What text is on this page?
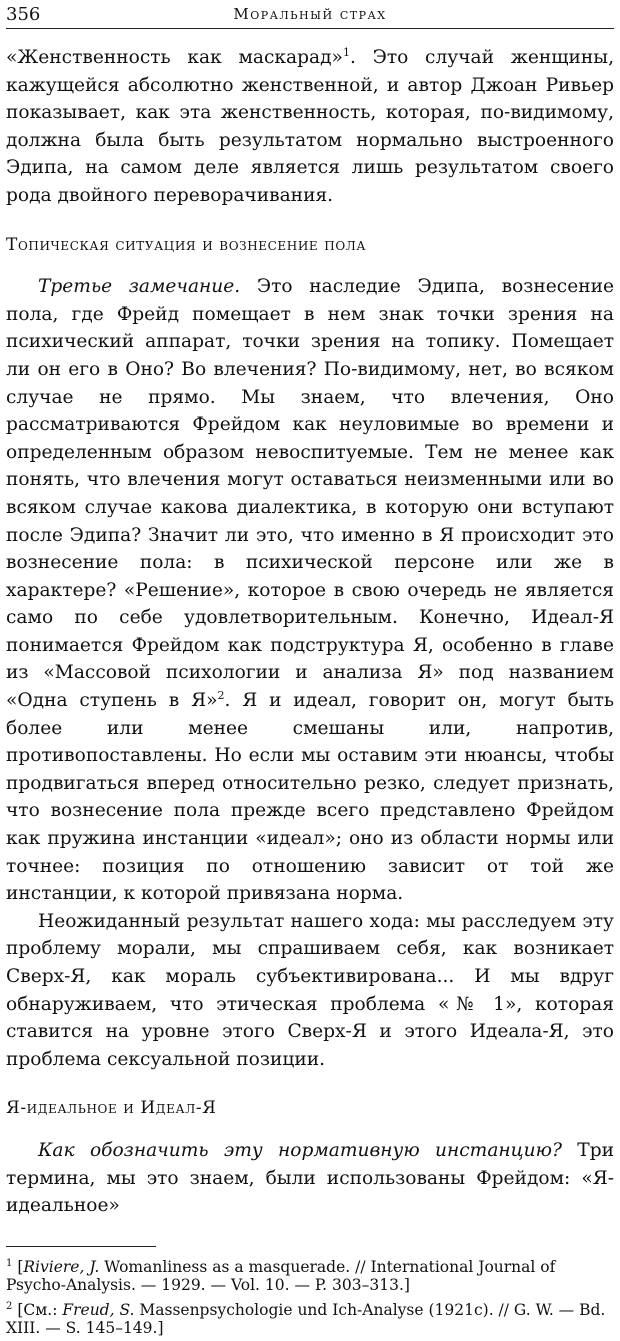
356	Моральный страх

«Женственность как маскарад»$^1$. Это случай женщины, кажущейся абсолютно женственной, и автор Джоан Ривьер показывает, как эта женственность, которая, по-видимому, должна была быть результатом нормально выстроенного Эдипа, на самом деле является лишь результатом своего рода двойного переворачивания.

Топическая ситуация и вознесение пола

Третье замечание. Это наследие Эдипа, вознесение пола, где Фрейд помещает в нем знак точки зрения на психический аппарат, точки зрения на топику. Помещает ли он его в Оно? Во влечения? По-видимому, нет, во всяком случае не прямо. Мы знаем, что влечения, Оно рассматриваются Фрейдом как неуловимые во времени и определенным образом невоспитуемые. Тем не менее как понять, что влечения могут оставаться неизменными или во всяком случае какова диалектика, в которую они вступают после Эдипа? Значит ли это, что именно в Я происходит это вознесение пола: в психической персоне или же в характере? «Решение», которое в свою очередь не является само по себе удовлетворительным. Конечно, Идеал-Я понимается Фрейдом как подструктура Я, особенно в главе из «Массовой психологии и анализа Я» под названием «Одна ступень в Я»$^2$. Я и идеал, говорит он, могут быть более или менее смешаны или, напротив, противопоставлены. Но если мы оставим эти нюансы, чтобы продвигаться вперед относительно резко, следует признать, что вознесение пола прежде всего представлено Фрейдом как пружина инстанции «идеал»; оно из области нормы или точнее: позиция по отношению зависит от той же инстанции, к которой привязана норма.

Неожиданный результат нашего хода: мы расследуем эту проблему морали, мы спрашиваем себя, как возникает Сверх-Я, как мораль субъективирована... И мы вдруг обнаруживаем, что этическая проблема «№ 1», которая ставится на уровне этого Сверх-Я и этого Идеала-Я, это проблема сексуальной позиции.

Я-идеальное и Идеал-Я

Как обозначить эту нормативную инстанцию? Три термина, мы это знаем, были использованы Фрейдом: «Я-идеальное»

$^1$ [Riviere, J. Womanliness as a masquerade. // International Journal of Psycho-Analysis. — 1929. — Vol. 10. — P. 303–313.]

$^2$ [См.: Freud, S. Massenpsychologie und Ich-Analyse (1921c). // G. W. — Bd. XIII. — S. 145–149.]
